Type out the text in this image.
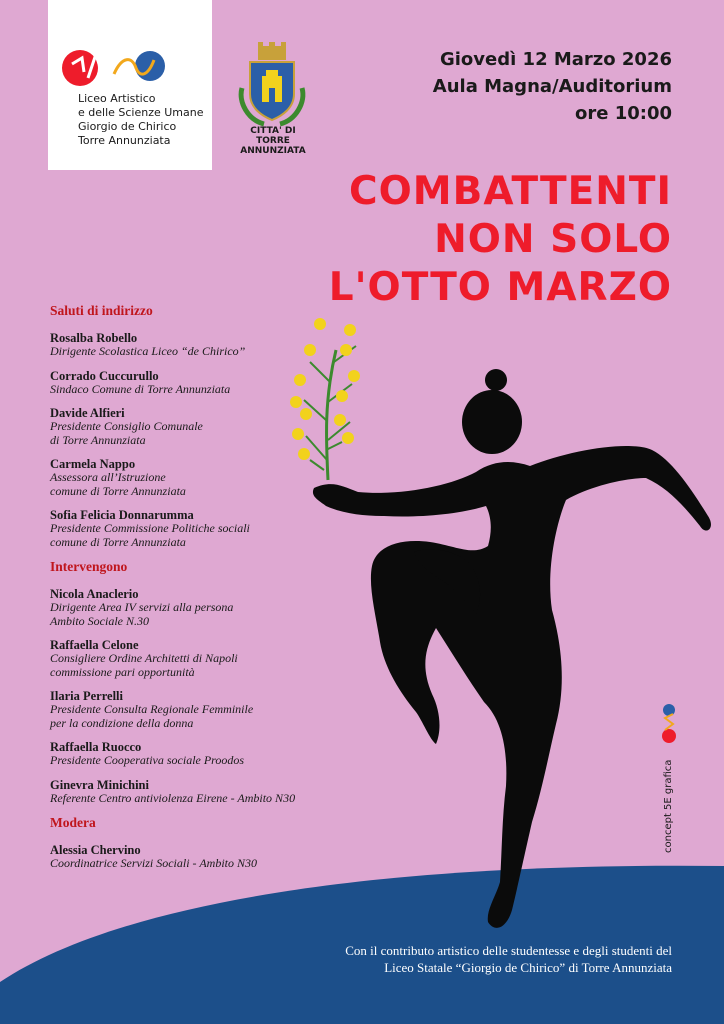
Liceo Artistico
e delle Scienze Umane
Giorgio de Chirico
Torre Annunziata
CITTA' DI
TORRE
ANNUNZIATA
Giovedì 12 Marzo 2026
Aula Magna/Auditorium
ore 10:00
COMBATTENTI
NON SOLO
L'OTTO MARZO
Saluti di indirizzo
Rosalba Robello
Dirigente Scolastica Liceo “de Chirico”
Corrado Cuccurullo
Sindaco Comune di Torre Annunziata
Davide Alfieri
Presidente Consiglio Comunale
di Torre Annunziata
Carmela Nappo
Assessora all’Istruzione
comune di Torre Annunziata
Sofia Felicia Donnarumma
Presidente Commissione Politiche sociali
comune di Torre Annunziata
Intervengono
Nicola Anaclerio
Dirigente Area IV servizi alla persona
Ambito Sociale N.30
Raffaella Celone
Consigliere Ordine Architetti di Napoli
commissione pari opportunità
Ilaria Perrelli
Presidente Consulta Regionale Femminile
per la condizione della donna
Raffaella Ruocco
Presidente Cooperativa sociale Proodos
Ginevra Minichini
Referente Centro antiviolenza Eirene - Ambito N30
Modera
Alessia Chervino
Coordinatrice Servizi Sociali - Ambito N30
concept 5E grafica
Con il contributo artistico delle studentesse e degli studenti del
Liceo Statale “Giorgio de Chirico” di Torre Annunziata
